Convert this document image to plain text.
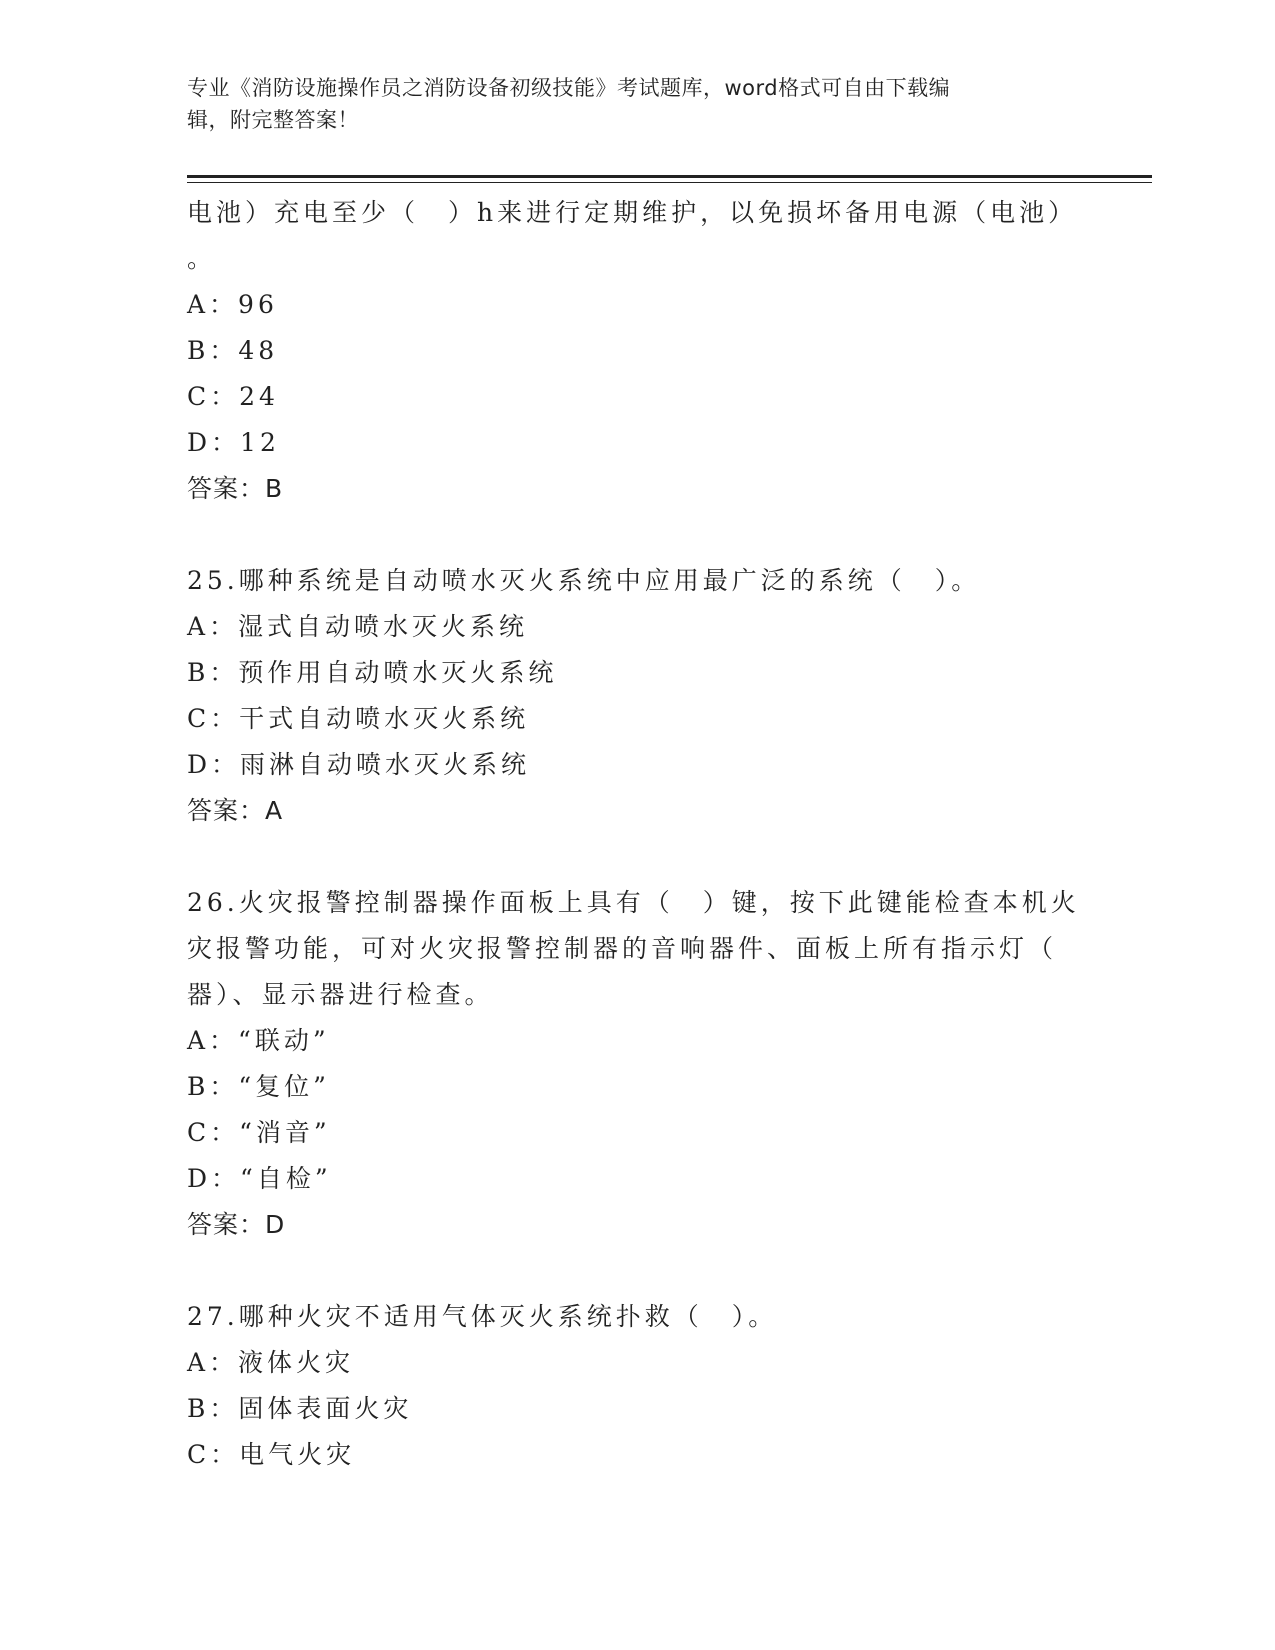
专业《消防设施操作员之消防设备初级技能》考试题库，word格式可自由下载编
辑，附完整答案！
电池）充电至少（　）h来进行定期维护，以免损坏备用电源（电池）
。
A：96
B：48
C：24
D：12
答案：B
25.哪种系统是自动喷水灭火系统中应用最广泛的系统（　）。
A：湿式自动喷水灭火系统
B：预作用自动喷水灭火系统
C：干式自动喷水灭火系统
D：雨淋自动喷水灭火系统
答案：A
26.火灾报警控制器操作面板上具有（　）键，按下此键能检查本机火
灾报警功能，可对火灾报警控制器的音响器件、面板上所有指示灯（
器）、显示器进行检查。
A：“联动”
B：“复位”
C：“消音”
D：“自检”
答案：D
27.哪种火灾不适用气体灭火系统扑救（　）。
A：液体火灾
B：固体表面火灾
C：电气火灾
